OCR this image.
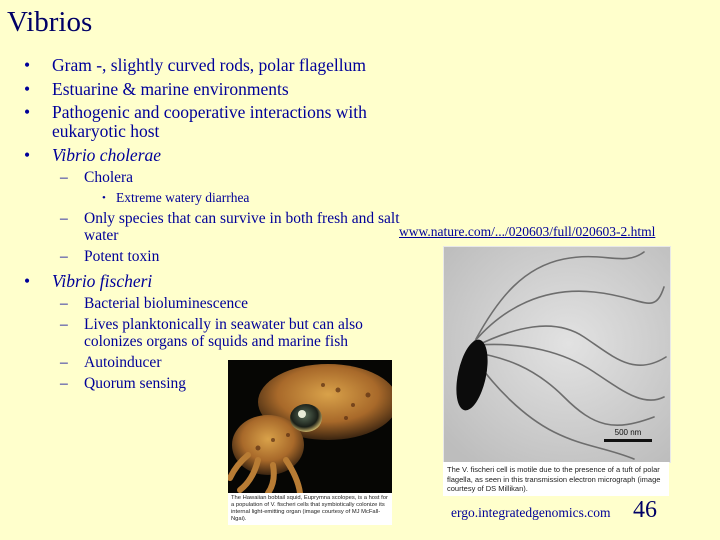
Vibrios
• Gram -, slightly curved rods, polar flagellum
• Estuarine & marine environments
• Pathogenic and cooperative interactions with eukaryotic host
• Vibrio cholerae
– Cholera
• Extreme watery diarrhea
– Only species that can survive in both fresh and salt water
– Potent toxin
• Vibrio fischeri
– Bacterial bioluminescence
– Lives planktonically in seawater but can also colonizes organs of squids and marine fish
– Autoinducer
– Quorum sensing
www.nature.com/.../020603/full/020603-2.html
500 nm
The V. fischeri cell is motile due to the presence of a tuft of polar flagella, as seen in this transmission electron micrograph (image courtesy of DS Millikan).
The Hawaiian bobtail squid, Euprymna scolopes, is a host for a population of V. fischeri cells that symbiotically colonize its internal light-emitting organ (image courtesy of MJ McFall-Ngai).	ergo.integratedgenomics.com 46
